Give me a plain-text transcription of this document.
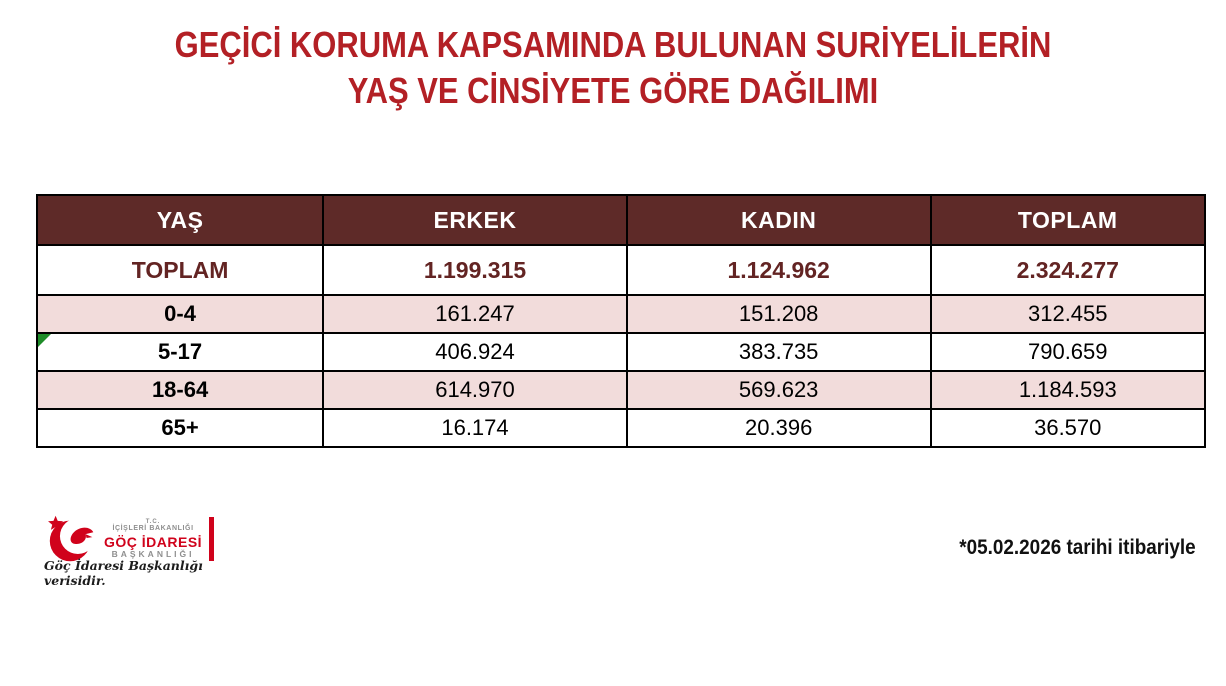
GEÇİCİ KORUMA KAPSAMINDA BULUNAN SURİYELİLERİN
YAŞ VE CİNSİYETE GÖRE DAĞILIMI
YAŞ	ERKEK	KADIN	TOPLAM
TOPLAM	1.199.315	1.124.962	2.324.277
0-4	161.247	151.208	312.455

5-17	406.924	383.735	790.659
18-64	614.970	569.623	1.184.593
65+	16.174	20.396	36.570
T.C.
İÇİŞLERİ BAKANLIĞI
GÖÇ İDARESİ
BAŞKANLIĞI
Göç İdaresi Başkanlığı verisidir.
*05.02.2026 tarihi itibariyle
